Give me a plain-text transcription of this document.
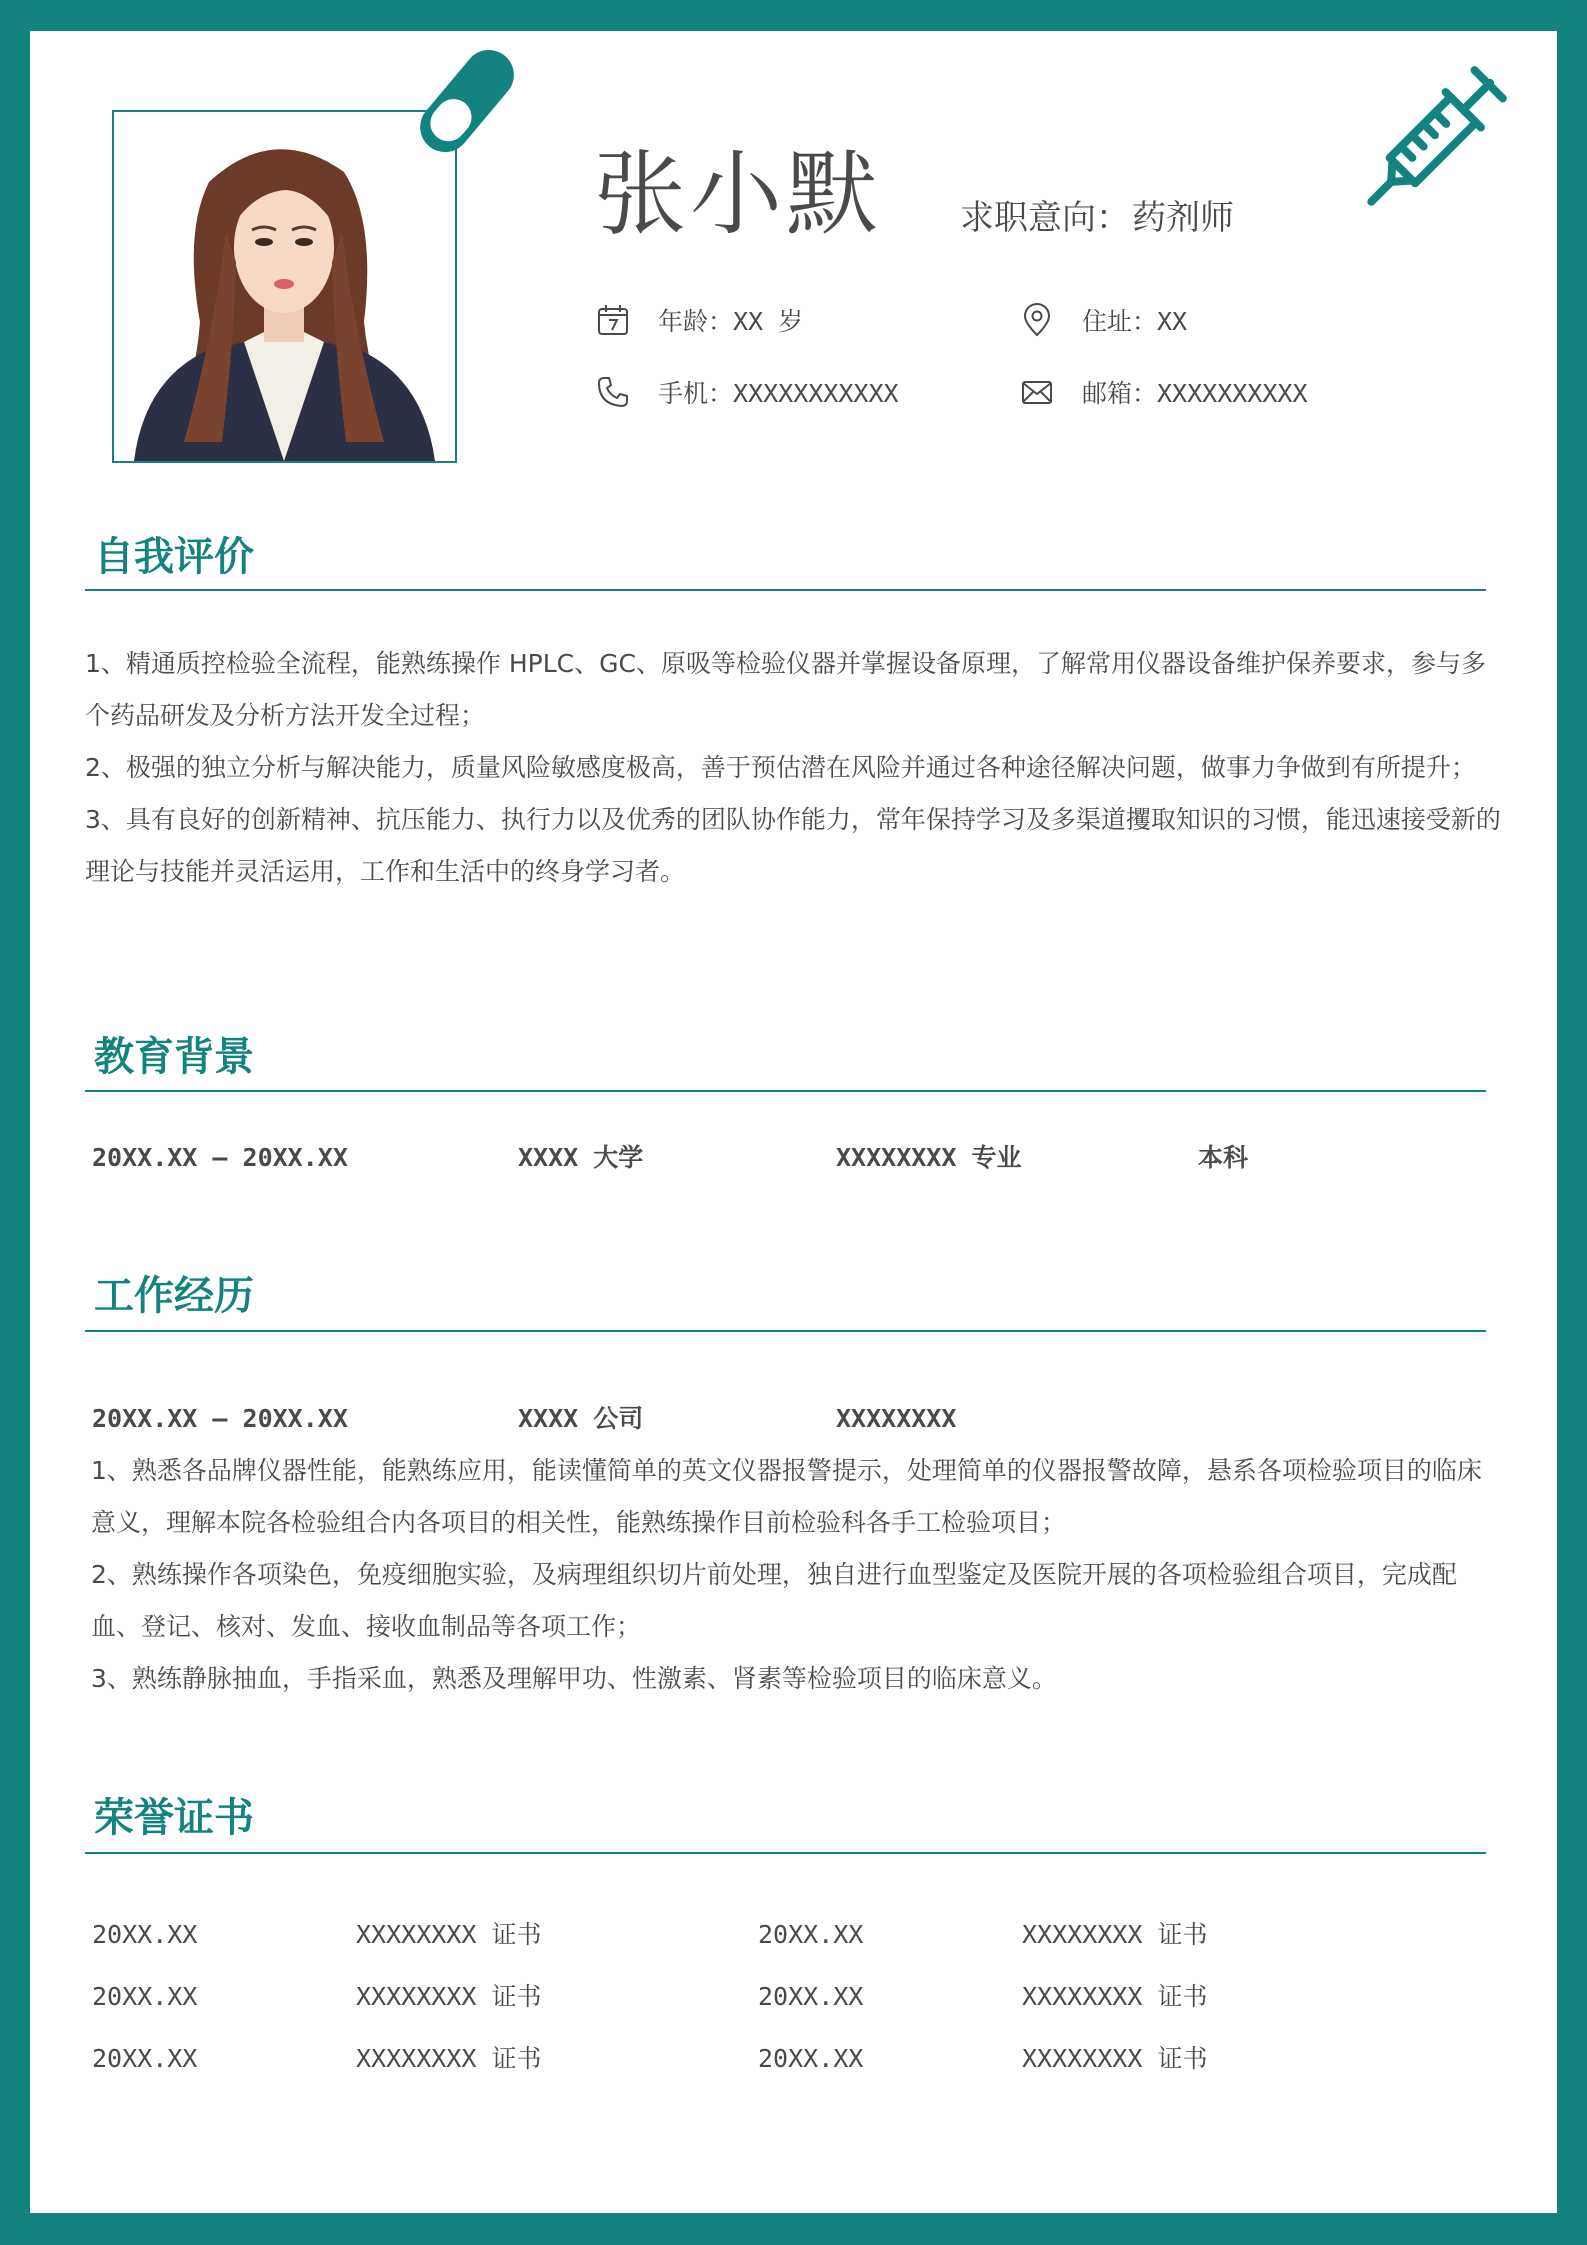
张小默 求职意向：药剂师
年龄：XX 岁	住址：XX
手机：XXXXXXXXXXX	邮箱：XXXXXXXXXX
自我评价

1、精通质控检验全流程，能熟练操作 HPLC、GC、原吸等检验仪器并掌握设备原理，了解常用仪器设备维护保养要求，参与多个药品研发及分析方法开发全过程；

2、极强的独立分析与解决能力，质量风险敏感度极高，善于预估潜在风险并通过各种途径解决问题，做事力争做到有所提升；

3、具有良好的创新精神、抗压能力、执行力以及优秀的团队协作能力，常年保持学习及多渠道攫取知识的习惯，能迅速接受新的理论与技能并灵活运用，工作和生活中的终身学习者。

教育背景
20XX.XX – 20XX.XX	XXXX 大学	XXXXXXXX 专业	本科
工作经历
20XX.XX – 20XX.XX	XXXX 公司	XXXXXXXX

1、熟悉各品牌仪器性能，能熟练应用，能读懂简单的英文仪器报警提示，处理简单的仪器报警故障，悬系各项检验项目的临床意义，理解本院各检验组合内各项目的相关性，能熟练操作目前检验科各手工检验项目；

2、熟练操作各项染色，免疫细胞实验，及病理组织切片前处理，独自进行血型鉴定及医院开展的各项检验组合项目，完成配血、登记、核对、发血、接收血制品等各项工作；

3、熟练静脉抽血，手指采血，熟悉及理解甲功、性激素、肾素等检验项目的临床意义。

荣誉证书
20XX.XX	XXXXXXXX 证书	20XX.XX	XXXXXXXX 证书
20XX.XX	XXXXXXXX 证书	20XX.XX	XXXXXXXX 证书
20XX.XX	XXXXXXXX 证书	20XX.XX	XXXXXXXX 证书
